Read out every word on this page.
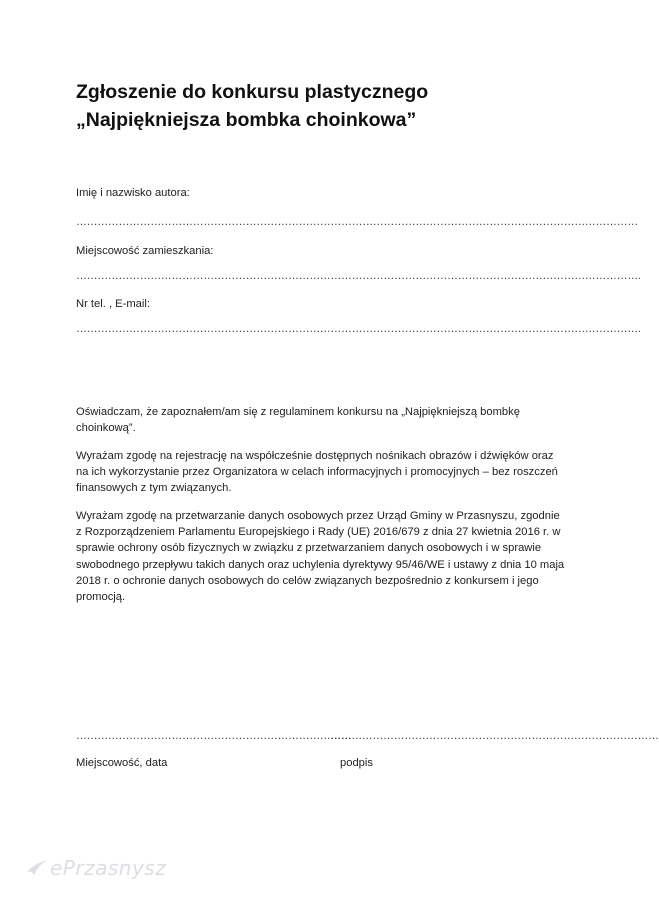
Zgłoszenie do konkursu plastycznego „Najpiękniejsza bombka choinkowa”

Imię i nazwisko autora:

……………………………………………………………………………………………………………………………………………

Miejscowość zamieszkania:

…………………………………………………………………………………………………………………………………………….

Nr tel. , E-mail:

…………………………………………………………………………………………………………………………………………….

Oświadczam, że zapoznałem/am się z regulaminem konkursu na „Najpiękniejszą bombkę choinkową”.

Wyrażam zgodę na rejestrację na współcześnie dostępnych nośnikach obrazów i dźwięków oraz na ich wykorzystanie przez Organizatora w celach informacyjnych i promocyjnych – bez roszczeń finansowych z tym związanych.

Wyrażam zgodę na przetwarzanie danych osobowych przez Urząd Gminy w Przasnyszu, zgodnie z Rozporządzeniem Parlamentu Europejskiego i Rady (UE) 2016/679 z dnia 27 kwietnia 2016 r. w sprawie ochrony osób fizycznych w związku z przetwarzaniem danych osobowych i w sprawie swobodnego przepływu takich danych oraz uchylenia dyrektywy 95/46/WE i ustawy z dnia 10 maja 2018 r. o ochronie danych osobowych do celów związanych bezpośrednio z konkursem i jego promocją.

……………………………………………………………………

…………………………………………………………………………………

Miejscowość, data	podpis

ePrzasnysz
